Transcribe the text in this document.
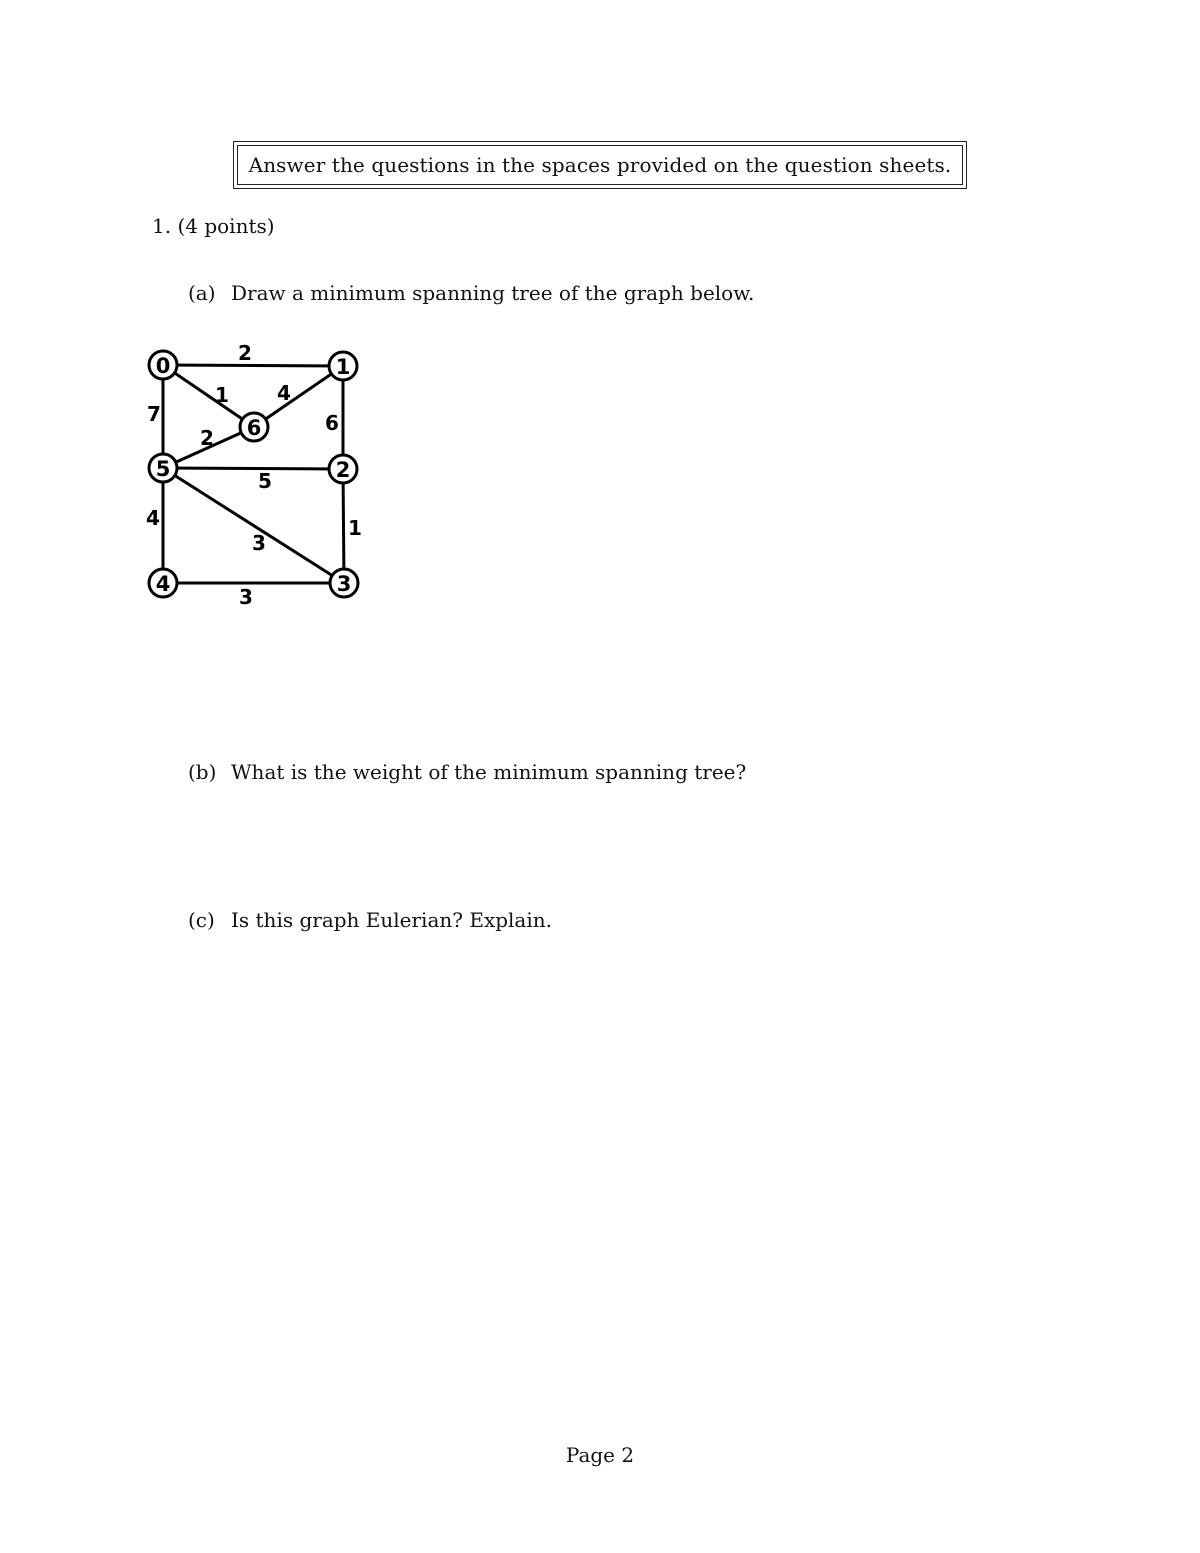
Answer the questions in the spaces provided on the question sheets.
1. (4 points)
(a) Draw a minimum spanning tree of the graph below.
2
1 4
7	6
2
5
4	1
3
3
0	1
2
3
4
5
6
(b) What is the weight of the minimum spanning tree?
(c) Is this graph Eulerian? Explain.
Page 2
